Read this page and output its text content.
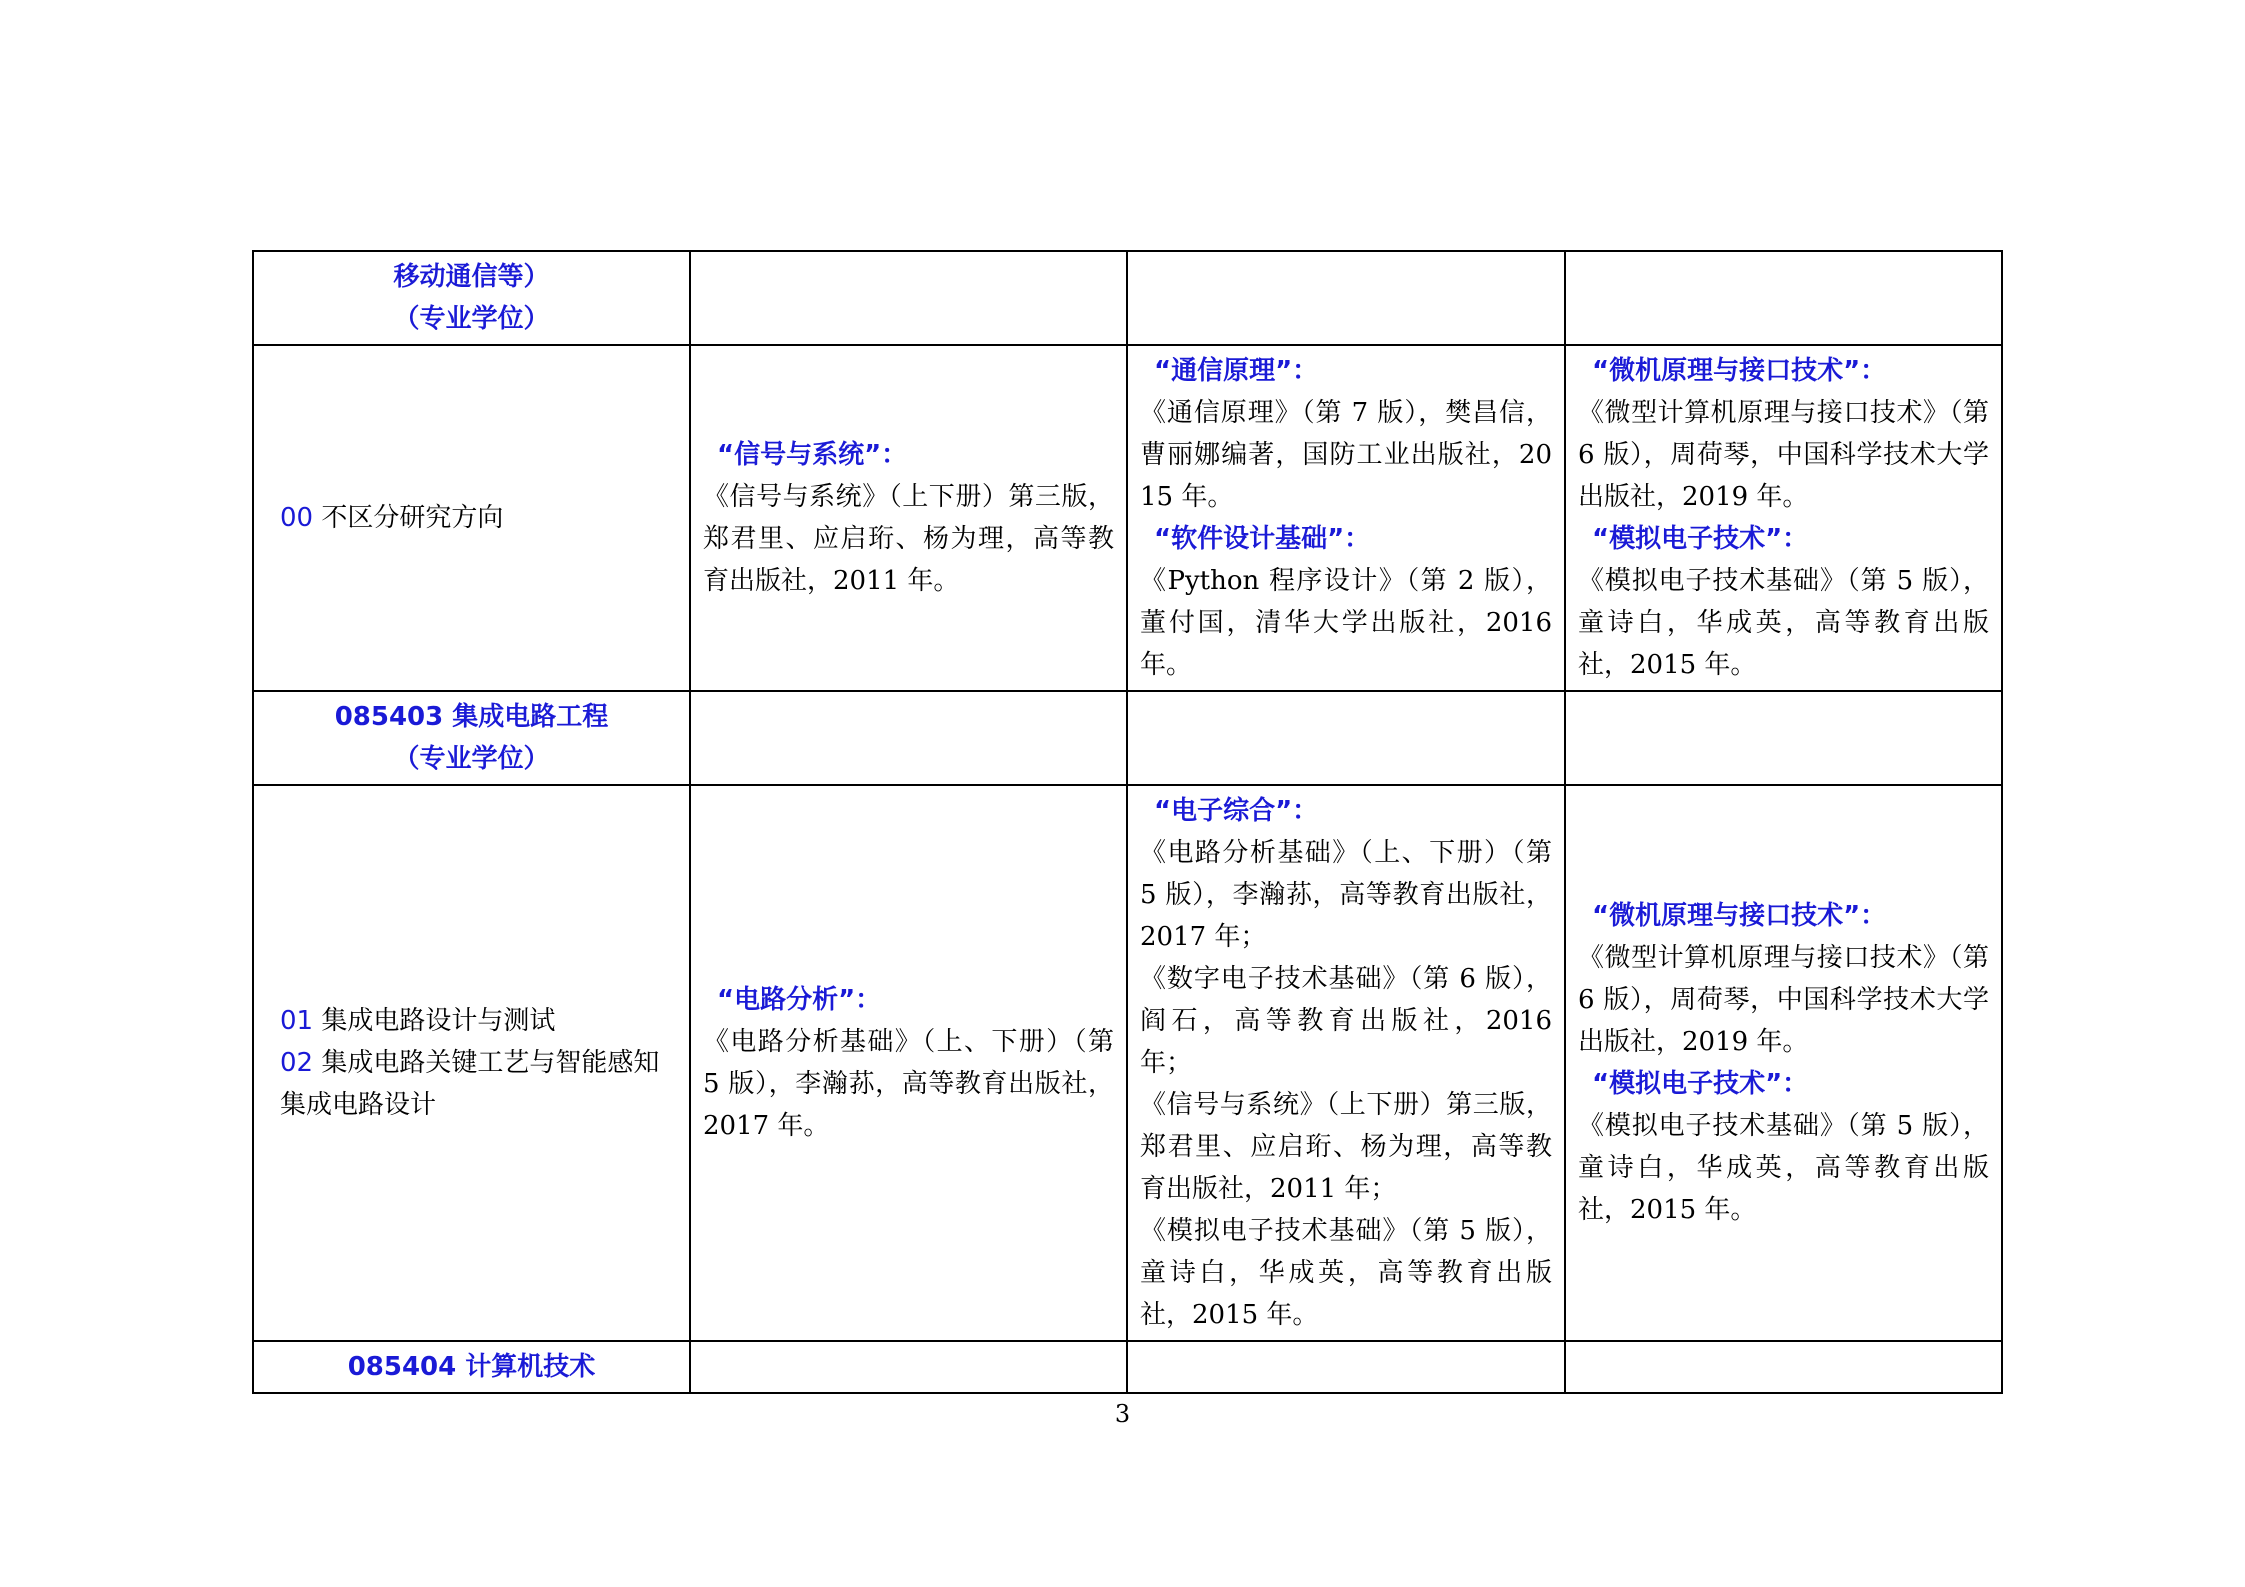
移动通信等）
（专业学位）			

00 不区分研究方向	“信号与系统”：
《信号与系统》（上下册）第三版，郑君里、应启珩、杨为理，高等教育出版社，2011 年。	“通信原理”：
《通信原理》（第 7 版），樊昌信，曹丽娜编著，国防工业出版社，2015 年。
“软件设计基础”：
《Python 程序设计》（第 2 版），董付国，清华大学出版社，2016 年。	“微机原理与接口技术”：
《微型计算机原理与接口技术》（第 6 版），周荷琴，中国科学技术大学出版社，2019 年。
“模拟电子技术”：
《模拟电子技术基础》（第 5 版），童诗白，华成英，高等教育出版社，2015 年。

085403 集成电路工程
（专业学位）			

01 集成电路设计与测试
02 集成电路关键工艺与智能感知集成电路设计	“电路分析”：
《电路分析基础》（上、下册）（第 5 版），李瀚荪，高等教育出版社，2017 年。	“电子综合”：
《电路分析基础》（上、下册）（第 5 版），李瀚荪，高等教育出版社，2017 年；
《数字电子技术基础》（第 6 版），阎石，高等教育出版社，2016 年；
《信号与系统》（上下册）第三版，郑君里、应启珩、杨为理，高等教育出版社，2011 年；
《模拟电子技术基础》（第 5 版），童诗白，华成英，高等教育出版社，2015 年。	“微机原理与接口技术”：
《微型计算机原理与接口技术》（第 6 版），周荷琴，中国科学技术大学出版社，2019 年。
“模拟电子技术”：
《模拟电子技术基础》（第 5 版），童诗白，华成英，高等教育出版社，2015 年。

085404 计算机技术			

3
